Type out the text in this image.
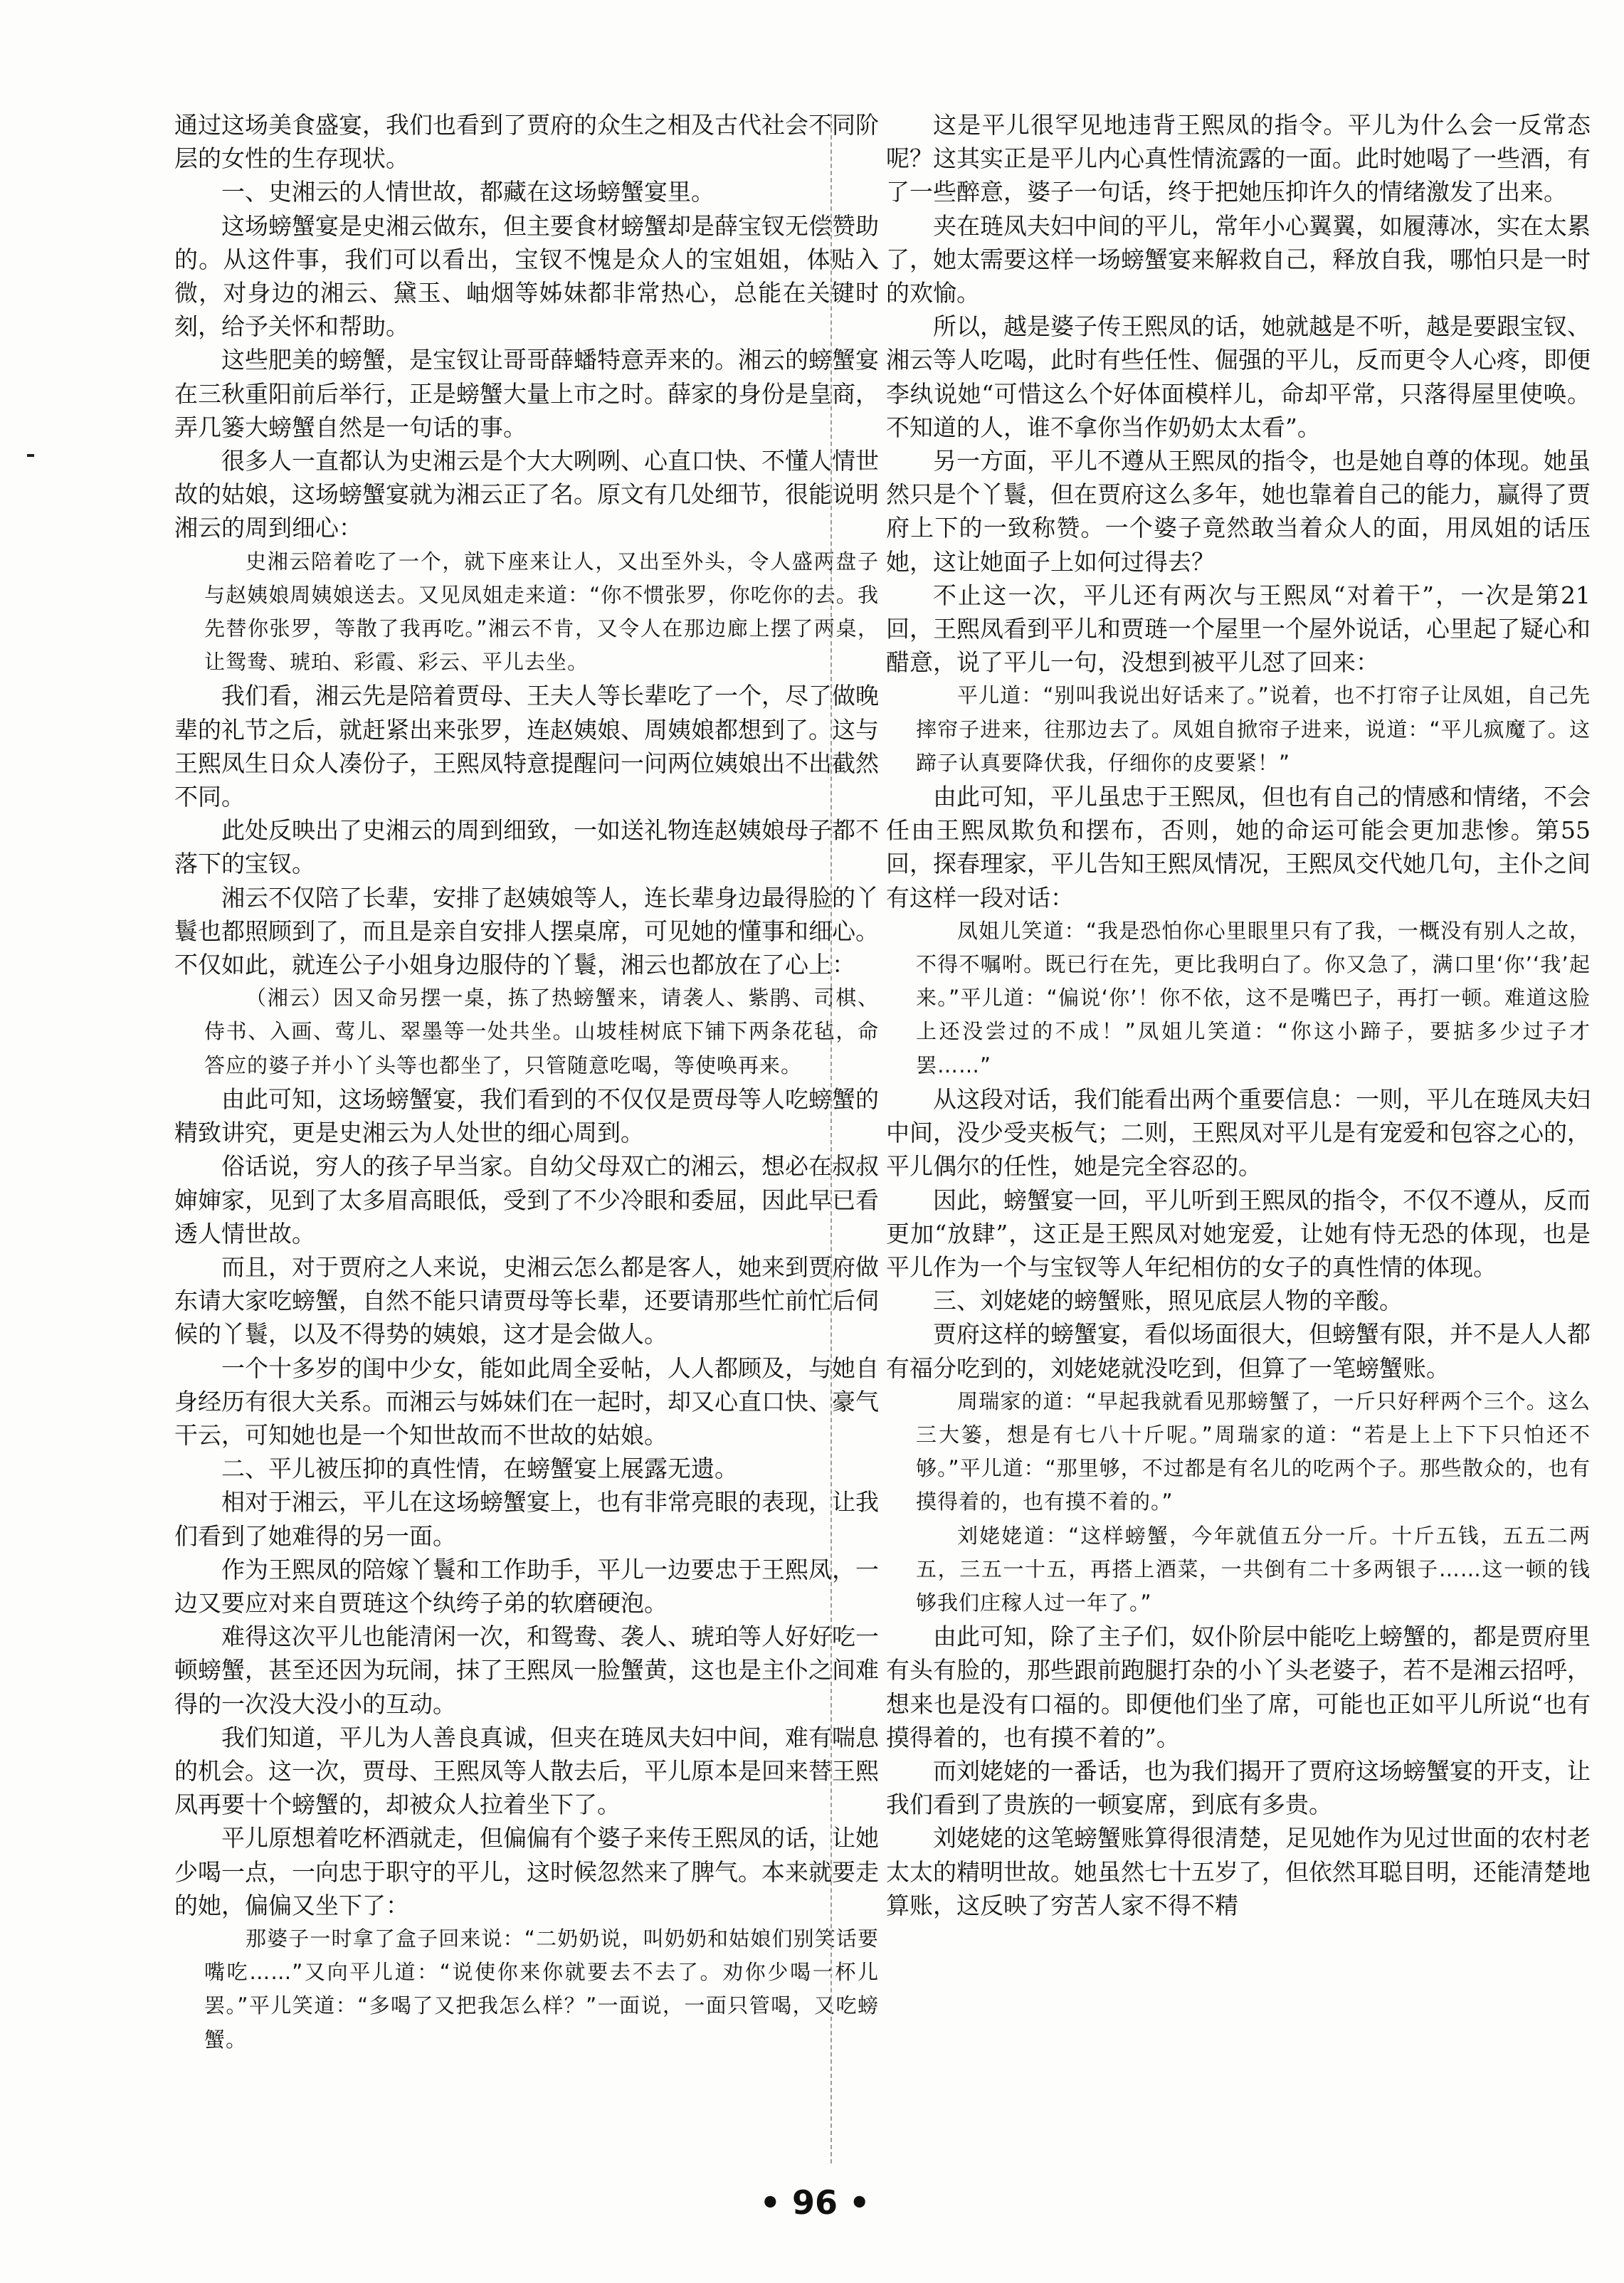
通过这场美食盛宴，我们也看到了贾府的众生之相及古代社会不同阶层的女性的生存现状。

一、史湘云的人情世故，都藏在这场螃蟹宴里。

这场螃蟹宴是史湘云做东，但主要食材螃蟹却是薛宝钗无偿赞助的。从这件事，我们可以看出，宝钗不愧是众人的宝姐姐，体贴入微，对身边的湘云、黛玉、岫烟等姊妹都非常热心，总能在关键时刻，给予关怀和帮助。

这些肥美的螃蟹，是宝钗让哥哥薛蟠特意弄来的。湘云的螃蟹宴在三秋重阳前后举行，正是螃蟹大量上市之时。薛家的身份是皇商，弄几篓大螃蟹自然是一句话的事。

很多人一直都认为史湘云是个大大咧咧、心直口快、不懂人情世故的姑娘，这场螃蟹宴就为湘云正了名。原文有几处细节，很能说明湘云的周到细心：

史湘云陪着吃了一个，就下座来让人，又出至外头，令人盛两盘子与赵姨娘周姨娘送去。又见凤姐走来道：“你不惯张罗，你吃你的去。我先替你张罗，等散了我再吃。”湘云不肯，又令人在那边廊上摆了两桌，让鸳鸯、琥珀、彩霞、彩云、平儿去坐。

我们看，湘云先是陪着贾母、王夫人等长辈吃了一个，尽了做晚辈的礼节之后，就赶紧出来张罗，连赵姨娘、周姨娘都想到了。这与王熙凤生日众人凑份子，王熙凤特意提醒问一问两位姨娘出不出截然不同。

此处反映出了史湘云的周到细致，一如送礼物连赵姨娘母子都不落下的宝钗。

湘云不仅陪了长辈，安排了赵姨娘等人，连长辈身边最得脸的丫鬟也都照顾到了，而且是亲自安排人摆桌席，可见她的懂事和细心。不仅如此，就连公子小姐身边服侍的丫鬟，湘云也都放在了心上：

（湘云）因又命另摆一桌，拣了热螃蟹来，请袭人、紫鹃、司棋、侍书、入画、莺儿、翠墨等一处共坐。山坡桂树底下铺下两条花毡，命答应的婆子并小丫头等也都坐了，只管随意吃喝，等使唤再来。

由此可知，这场螃蟹宴，我们看到的不仅仅是贾母等人吃螃蟹的精致讲究，更是史湘云为人处世的细心周到。

俗话说，穷人的孩子早当家。自幼父母双亡的湘云，想必在叔叔婶婶家，见到了太多眉高眼低，受到了不少冷眼和委屈，因此早已看透人情世故。

而且，对于贾府之人来说，史湘云怎么都是客人，她来到贾府做东请大家吃螃蟹，自然不能只请贾母等长辈，还要请那些忙前忙后伺候的丫鬟，以及不得势的姨娘，这才是会做人。

一个十多岁的闺中少女，能如此周全妥帖，人人都顾及，与她自身经历有很大关系。而湘云与姊妹们在一起时，却又心直口快、豪气干云，可知她也是一个知世故而不世故的姑娘。

二、平儿被压抑的真性情，在螃蟹宴上展露无遗。

相对于湘云，平儿在这场螃蟹宴上，也有非常亮眼的表现，让我们看到了她难得的另一面。

作为王熙凤的陪嫁丫鬟和工作助手，平儿一边要忠于王熙凤，一边又要应对来自贾琏这个纨绔子弟的软磨硬泡。

难得这次平儿也能清闲一次，和鸳鸯、袭人、琥珀等人好好吃一顿螃蟹，甚至还因为玩闹，抹了王熙凤一脸蟹黄，这也是主仆之间难得的一次没大没小的互动。

我们知道，平儿为人善良真诚，但夹在琏凤夫妇中间，难有喘息的机会。这一次，贾母、王熙凤等人散去后，平儿原本是回来替王熙凤再要十个螃蟹的，却被众人拉着坐下了。

平儿原想着吃杯酒就走，但偏偏有个婆子来传王熙凤的话，让她少喝一点，一向忠于职守的平儿，这时候忽然来了脾气。本来就要走的她，偏偏又坐下了：

那婆子一时拿了盒子回来说：“二奶奶说，叫奶奶和姑娘们别笑话要嘴吃……”又向平儿道：“说使你来你就要去不去了。劝你少喝一杯儿罢。”平儿笑道：“多喝了又把我怎么样？”一面说，一面只管喝，又吃螃蟹。

这是平儿很罕见地违背王熙凤的指令。平儿为什么会一反常态呢？这其实正是平儿内心真性情流露的一面。此时她喝了一些酒，有了一些醉意，婆子一句话，终于把她压抑许久的情绪激发了出来。

夹在琏凤夫妇中间的平儿，常年小心翼翼，如履薄冰，实在太累了，她太需要这样一场螃蟹宴来解救自己，释放自我，哪怕只是一时的欢愉。

所以，越是婆子传王熙凤的话，她就越是不听，越是要跟宝钗、湘云等人吃喝，此时有些任性、倔强的平儿，反而更令人心疼，即便李纨说她“可惜这么个好体面模样儿，命却平常，只落得屋里使唤。不知道的人，谁不拿你当作奶奶太太看”。

另一方面，平儿不遵从王熙凤的指令，也是她自尊的体现。她虽然只是个丫鬟，但在贾府这么多年，她也靠着自己的能力，赢得了贾府上下的一致称赞。一个婆子竟然敢当着众人的面，用凤姐的话压她，这让她面子上如何过得去？

不止这一次，平儿还有两次与王熙凤“对着干”，一次是第21回，王熙凤看到平儿和贾琏一个屋里一个屋外说话，心里起了疑心和醋意，说了平儿一句，没想到被平儿怼了回来：

平儿道：“别叫我说出好话来了。”说着，也不打帘子让凤姐，自己先摔帘子进来，往那边去了。凤姐自掀帘子进来，说道：“平儿疯魔了。这蹄子认真要降伏我，仔细你的皮要紧！”

由此可知，平儿虽忠于王熙凤，但也有自己的情感和情绪，不会任由王熙凤欺负和摆布，否则，她的命运可能会更加悲惨。第55回，探春理家，平儿告知王熙凤情况，王熙凤交代她几句，主仆之间有这样一段对话：

凤姐儿笑道：“我是恐怕你心里眼里只有了我，一概没有别人之故，不得不嘱咐。既已行在先，更比我明白了。你又急了，满口里‘你’‘我’起来。”平儿道：“偏说‘你’！你不依，这不是嘴巴子，再打一顿。难道这脸上还没尝过的不成！”凤姐儿笑道：“你这小蹄子，要掂多少过子才罢……”

从这段对话，我们能看出两个重要信息：一则，平儿在琏凤夫妇中间，没少受夹板气；二则，王熙凤对平儿是有宠爱和包容之心的，平儿偶尔的任性，她是完全容忍的。

因此，螃蟹宴一回，平儿听到王熙凤的指令，不仅不遵从，反而更加“放肆”，这正是王熙凤对她宠爱，让她有恃无恐的体现，也是平儿作为一个与宝钗等人年纪相仿的女子的真性情的体现。

三、刘姥姥的螃蟹账，照见底层人物的辛酸。

贾府这样的螃蟹宴，看似场面很大，但螃蟹有限，并不是人人都有福分吃到的，刘姥姥就没吃到，但算了一笔螃蟹账。

周瑞家的道：“早起我就看见那螃蟹了，一斤只好秤两个三个。这么三大篓，想是有七八十斤呢。”周瑞家的道：“若是上上下下只怕还不够。”平儿道：“那里够，不过都是有名儿的吃两个子。那些散众的，也有摸得着的，也有摸不着的。”

刘姥姥道：“这样螃蟹，今年就值五分一斤。十斤五钱，五五二两五，三五一十五，再搭上酒菜，一共倒有二十多两银子……这一顿的钱够我们庄稼人过一年了。”

由此可知，除了主子们，奴仆阶层中能吃上螃蟹的，都是贾府里有头有脸的，那些跟前跑腿打杂的小丫头老婆子，若不是湘云招呼，想来也是没有口福的。即便他们坐了席，可能也正如平儿所说“也有摸得着的，也有摸不着的”。

而刘姥姥的一番话，也为我们揭开了贾府这场螃蟹宴的开支，让我们看到了贵族的一顿宴席，到底有多贵。

刘姥姥的这笔螃蟹账算得很清楚，足见她作为见过世面的农村老太太的精明世故。她虽然七十五岁了，但依然耳聪目明，还能清楚地算账，这反映了穷苦人家不得不精

• 96 •
